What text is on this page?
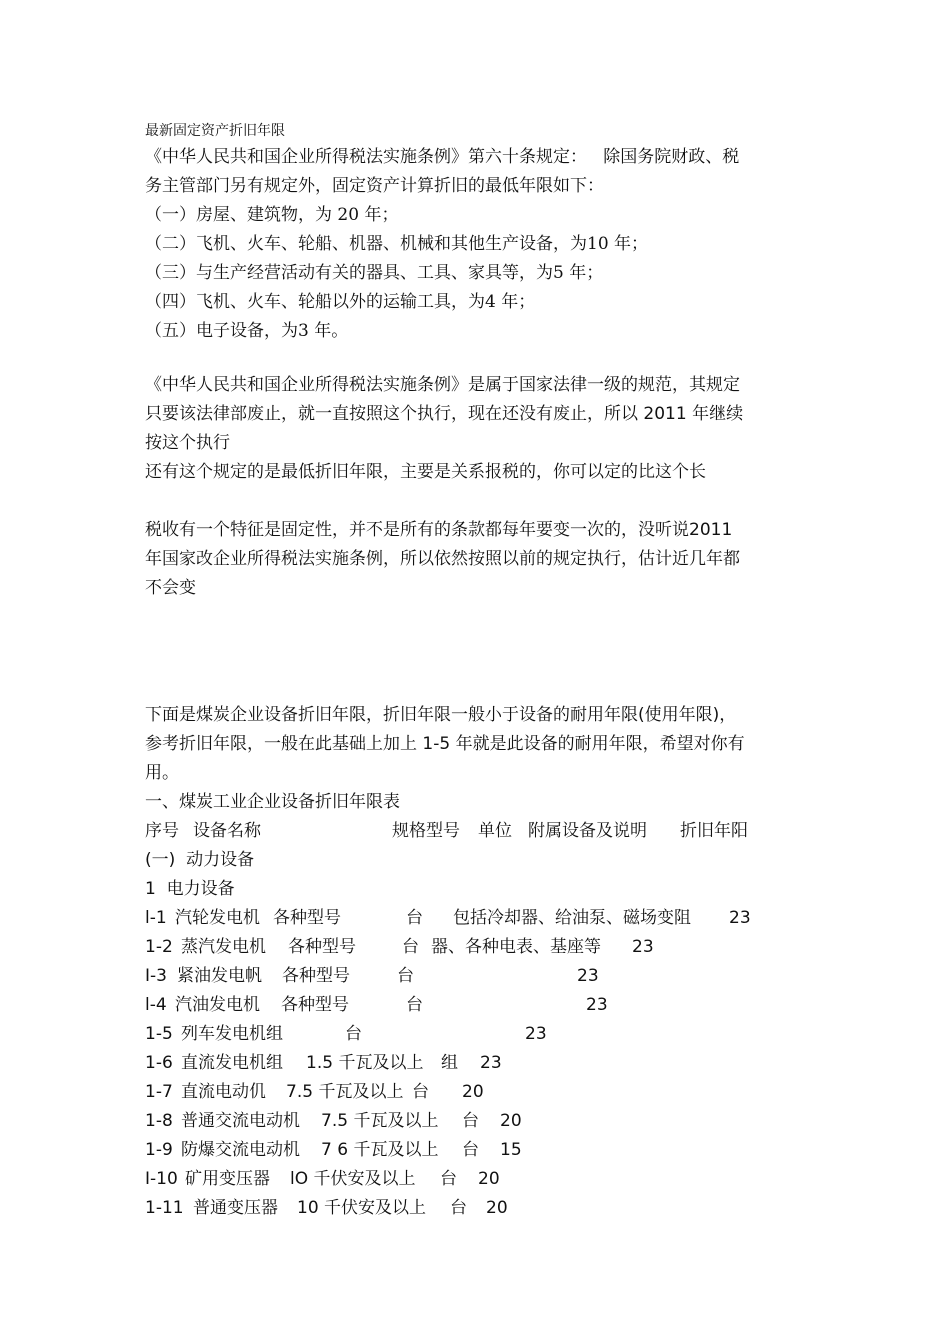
最新固定资产折旧年限
《中华人民共和国企业所得税法实施条例》第六十条规定：   除国务院财政、税
务主管部门另有规定外，固定资产计算折旧的最低年限如下：
（一）房屋、建筑物，为 20 年；
（二）飞机、火车、轮船、机器、机械和其他生产设备，为10 年；
（三）与生产经营活动有关的器具、工具、家具等，为5 年；
（四）飞机、火车、轮船以外的运输工具，为4 年；
（五）电子设备，为3 年。
《中华人民共和国企业所得税法实施条例》是属于国家法律一级的规范，其规定
只要该法律部废止，就一直按照这个执行，现在还没有废止，所以 2011 年继续
按这个执行
还有这个规定的是最低折旧年限，主要是关系报税的，你可以定的比这个长
税收有一个特征是固定性，并不是所有的条款都每年要变一次的，没听说2011
年国家改企业所得税法实施条例，所以依然按照以前的规定执行，估计近几年都
不会变
下面是煤炭企业设备折旧年限，折旧年限一般小于设备的耐用年限(使用年限)，
参考折旧年限，一般在此基础上加上 1-5 年就是此设备的耐用年限，希望对你有
用。
一、煤炭工业企业设备折旧年限表
序号 设备名称	规格型号 单位 附属设备及说明 折旧年阳
(一)  动力设备
1  电力设备
l-1 汽轮发电机 各种型号	台 包括冷却器、给油泵、磁场变阻 23
1-2 蒸汽发电机 各种型号	台 器、各种电表、基座等 23
I-3 紧油发电帆 各种型号	台	23
l-4 汽油发电机 各种型号	台	23
1-5 列车发电机组	台	23
1-6 直流发电机组 1.5 千瓦及以上 组 23
1-7 直流电动仉 7.5 千瓦及以上 台 20
1-8 普通交流电动机 7.5 千瓦及以上 台 20
1-9 防爆交流电动机 7 6 千瓦及以上 台 15
I-10 矿用变压器 lO 千伏安及以上 台 20
1-11 普通变压器 10 千伏安及以上 台 20
